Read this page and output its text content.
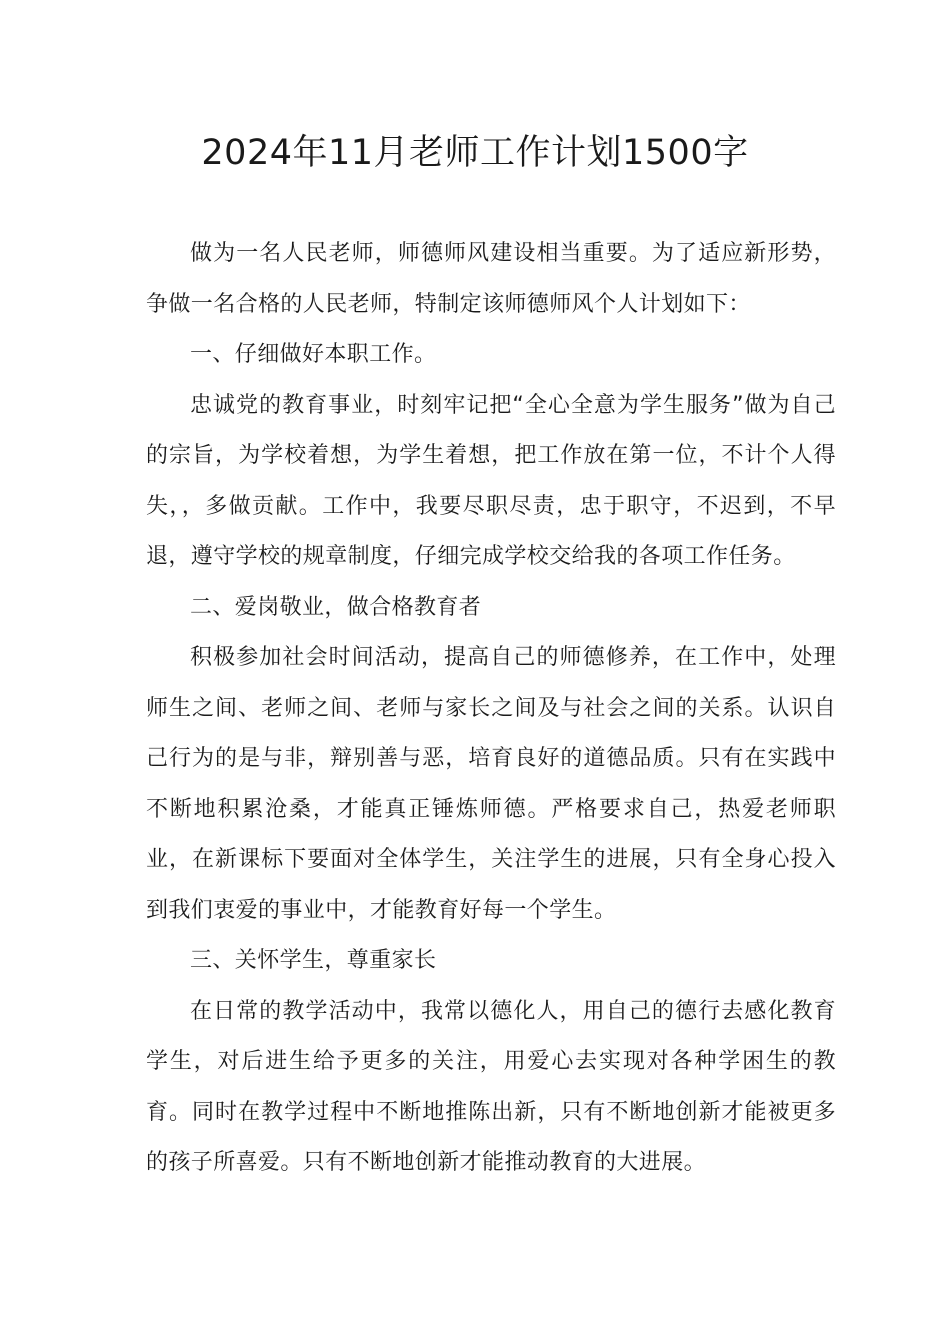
2024年11月老师工作计划1500字

做为一名人民老师，师德师风建设相当重要。为了适应新形势，争做一名合格的人民老师，特制定该师德师风个人计划如下：

一、仔细做好本职工作。

忠诚党的教育事业，时刻牢记把“全心全意为学生服务”做为自己的宗旨，为学校着想，为学生着想，把工作放在第一位，不计个人得失，，多做贡献。工作中，我要尽职尽责，忠于职守，不迟到，不早退，遵守学校的规章制度，仔细完成学校交给我的各项工作任务。

二、爱岗敬业，做合格教育者

积极参加社会时间活动，提高自己的师德修养，在工作中，处理师生之间、老师之间、老师与家长之间及与社会之间的关系。认识自己行为的是与非，辩别善与恶，培育良好的道德品质。只有在实践中不断地积累沧桑，才能真正锤炼师德。严格要求自己，热爱老师职业，在新课标下要面对全体学生，关注学生的进展，只有全身心投入到我们衷爱的事业中，才能教育好每一个学生。

三、关怀学生，尊重家长

在日常的教学活动中，我常以德化人，用自己的德行去感化教育学生，对后进生给予更多的关注，用爱心去实现对各种学困生的教育。同时在教学过程中不断地推陈出新，只有不断地创新才能被更多的孩子所喜爱。只有不断地创新才能推动教育的大进展。
